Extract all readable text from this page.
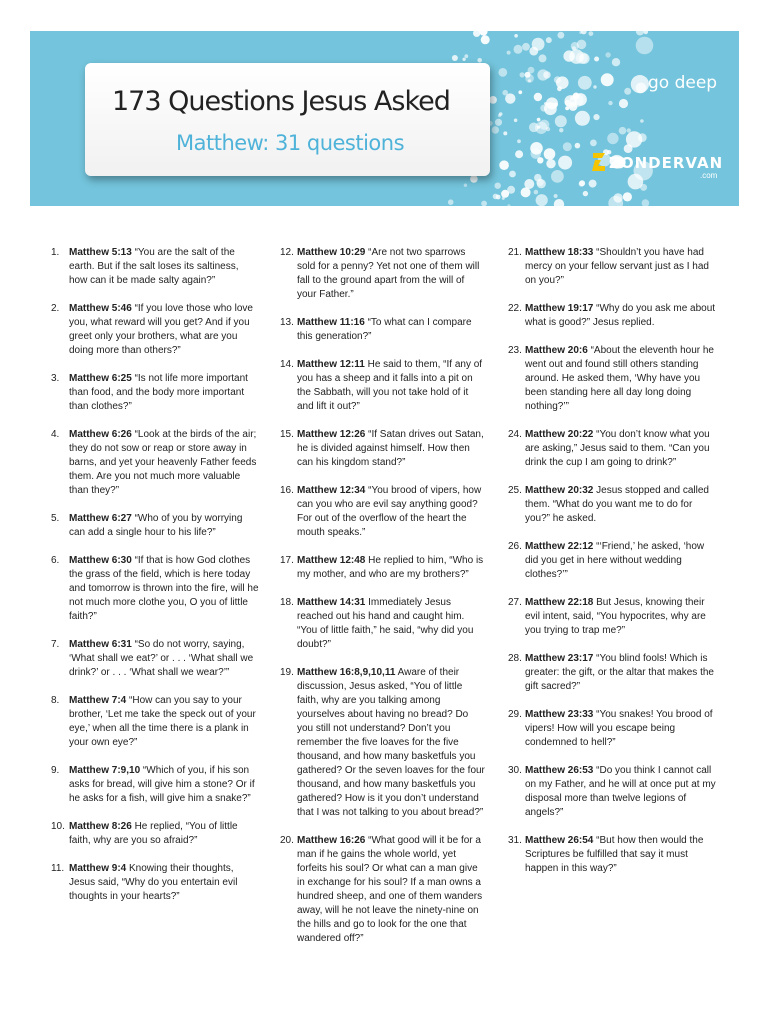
173 Questions Jesus Asked
Matthew: 31 questions
go deep
ZONDERVAN
.com
1. Matthew 5:13 “You are the salt of the earth. But if the salt loses its saltiness, how can it be made salty again?”
2. Matthew 5:46 “If you love those who love you, what reward will you get? And if you greet only your brothers, what are you doing more than others?”
3. Matthew 6:25 “Is not life more important than food, and the body more important than clothes?”
4. Matthew 6:26 “Look at the birds of the air; they do not sow or reap or store away in barns, and yet your heavenly Father feeds them. Are you not much more valuable than they?”
5. Matthew 6:27 “Who of you by worrying can add a single hour to his life?”
6. Matthew 6:30 “If that is how God clothes the grass of the field, which is here today and tomorrow is thrown into the fire, will he not much more clothe you, O you of little faith?”
7. Matthew 6:31 “So do not worry, saying, ‘What shall we eat?’ or . . . ‘What shall we drink?’ or . . . ‘What shall we wear?’”
8. Matthew 7:4 “How can you say to your brother, ‘Let me take the speck out of your eye,’ when all the time there is a plank in your own eye?”
9. Matthew 7:9,10 “Which of you, if his son asks for bread, will give him a stone? Or if he asks for a fish, will give him a snake?”
10. Matthew 8:26 He replied, “You of little faith, why are you so afraid?”
11. Matthew 9:4 Knowing their thoughts, Jesus said, “Why do you entertain evil thoughts in your hearts?”
12. Matthew 10:29 “Are not two sparrows sold for a penny? Yet not one of them will fall to the ground apart from the will of your Father.”
13. Matthew 11:16 “To what can I compare this generation?”
14. Matthew 12:11 He said to them, “If any of you has a sheep and it falls into a pit on the Sabbath, will you not take hold of it and lift it out?”
15. Matthew 12:26 “If Satan drives out Satan, he is divided against himself. How then can his kingdom stand?”
16. Matthew 12:34 “You brood of vipers, how can you who are evil say anything good? For out of the overflow of the heart the mouth speaks.”
17. Matthew 12:48 He replied to him, “Who is my mother, and who are my brothers?”
18. Matthew 14:31 Immediately Jesus reached out his hand and caught him. “You of little faith,” he said, “why did you doubt?”
19. Matthew 16:8,9,10,11 Aware of their discussion, Jesus asked, “You of little faith, why are you talking among yourselves about having no bread? Do you still not understand? Don’t you remember the five loaves for the five thousand, and how many basketfuls you gathered? Or the seven loaves for the four thousand, and how many basketfuls you gathered? How is it you don’t understand that I was not talking to you about bread?”
20. Matthew 16:26 “What good will it be for a man if he gains the whole world, yet forfeits his soul? Or what can a man give in exchange for his soul? If a man owns a hundred sheep, and one of them wanders away, will he not leave the ninety-nine on the hills and go to look for the one that wandered off?”
21. Matthew 18:33 “Shouldn’t you have had mercy on your fellow servant just as I had on you?”
22. Matthew 19:17 “Why do you ask me about what is good?” Jesus replied.
23. Matthew 20:6 “About the eleventh hour he went out and found still others standing around. He asked them, ‘Why have you been standing here all day long doing nothing?’”
24. Matthew 20:22 “You don’t know what you are asking,” Jesus said to them. “Can you drink the cup I am going to drink?”
25. Matthew 20:32 Jesus stopped and called them. “What do you want me to do for you?” he asked.
26. Matthew 22:12 “‘Friend,’ he asked, ‘how did you get in here without wedding clothes?’”
27. Matthew 22:18 But Jesus, knowing their evil intent, said, “You hypocrites, why are you trying to trap me?”
28. Matthew 23:17 “You blind fools! Which is greater: the gift, or the altar that makes the gift sacred?”
29. Matthew 23:33 “You snakes! You brood of vipers! How will you escape being condemned to hell?”
30. Matthew 26:53 “Do you think I cannot call on my Father, and he will at once put at my disposal more than twelve legions of angels?”
31. Matthew 26:54 “But how then would the Scriptures be fulfilled that say it must happen in this way?”
